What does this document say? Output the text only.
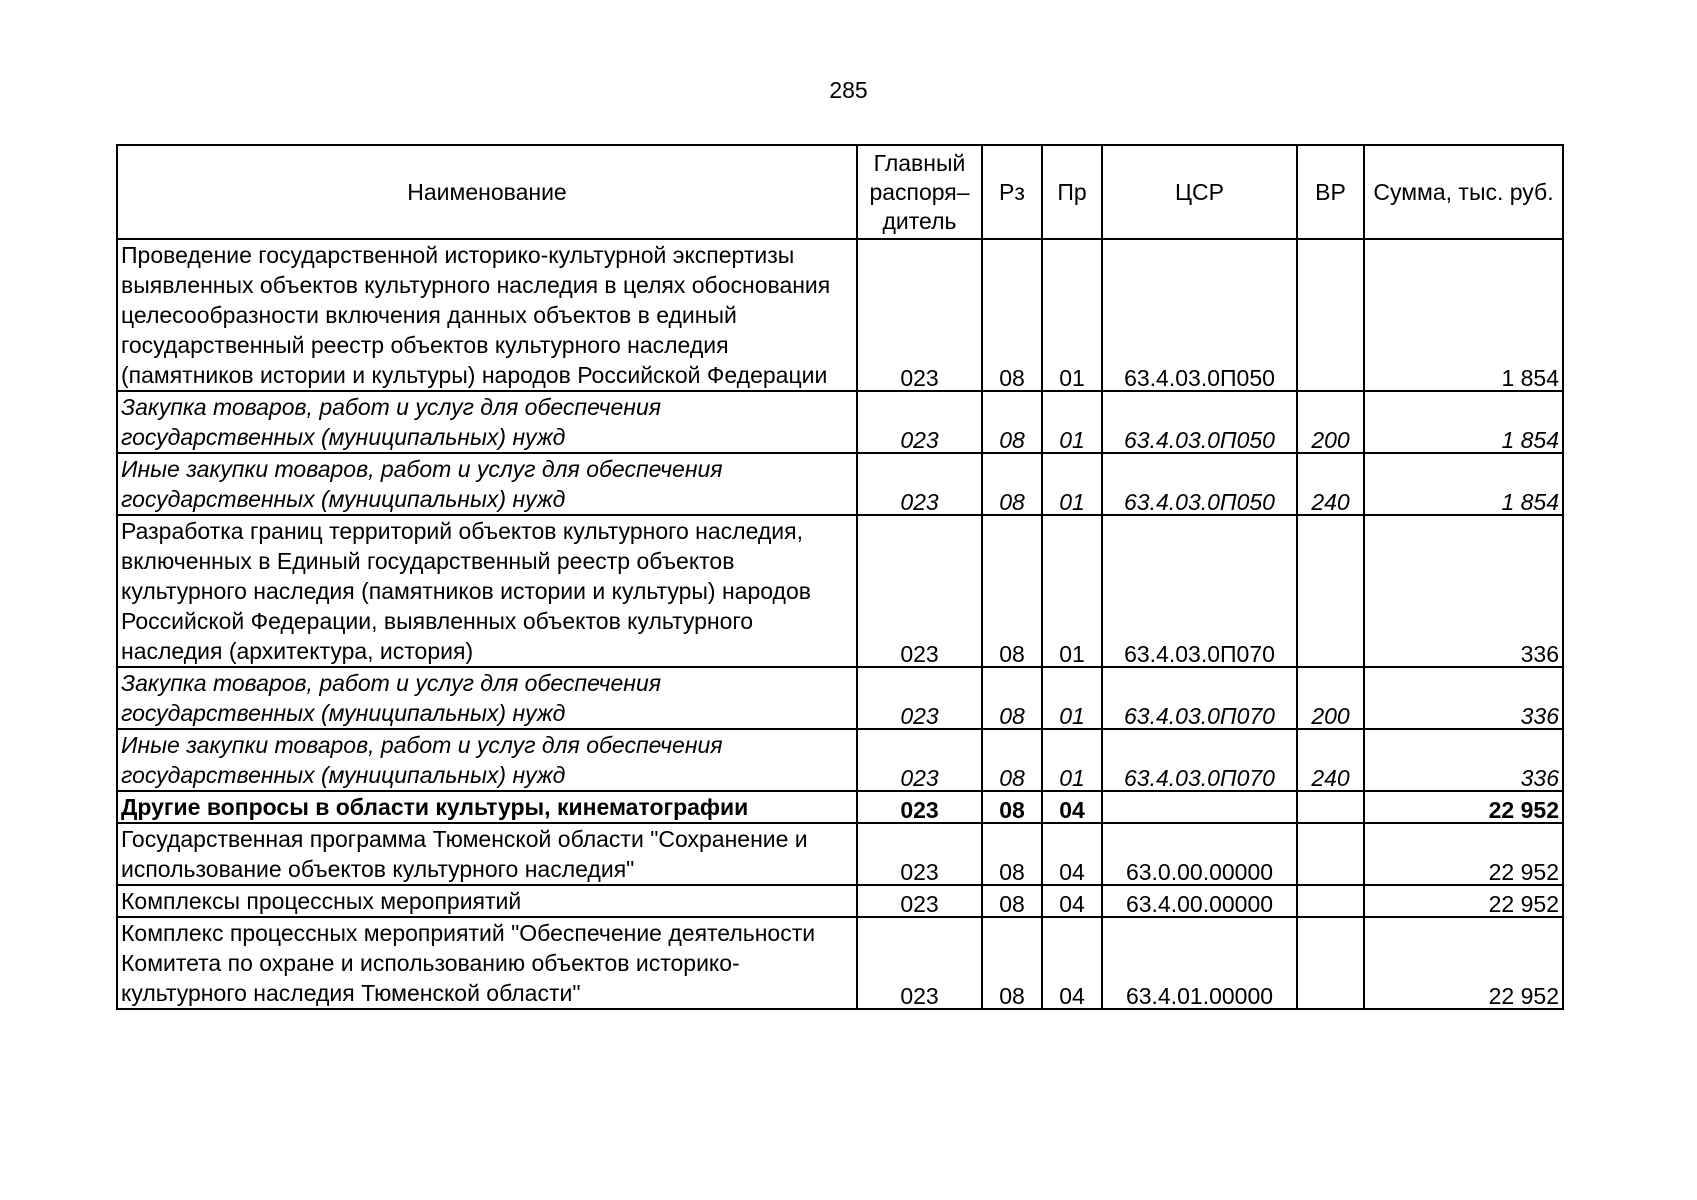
285
Наименование	Главный распоря–дитель	Рз	Пр	ЦСР	ВР	Сумма, тыс. руб.

Проведение государственной историко-культурной экспертизы выявленных объектов культурного наследия в целях обоснования целесообразности включения данных объектов в единый государственный реестр объектов культурного наследия (памятников истории и культуры) народов Российской Федерации	023	08	01	63.4.03.0П050		1 854

Закупка товаров, работ и услуг для обеспечения государственных (муниципальных) нужд	023	08	01	63.4.03.0П050	200	1 854

Иные закупки товаров, работ и услуг для обеспечения государственных (муниципальных) нужд	023	08	01	63.4.03.0П050	240	1 854

Разработка границ территорий объектов культурного наследия, включенных в Единый государственный реестр объектов культурного наследия (памятников истории и культуры) народов Российской Федерации, выявленных объектов культурного наследия (архитектура, история)	023	08	01	63.4.03.0П070		336

Закупка товаров, работ и услуг для обеспечения государственных (муниципальных) нужд	023	08	01	63.4.03.0П070	200	336

Иные закупки товаров, работ и услуг для обеспечения государственных (муниципальных) нужд	023	08	01	63.4.03.0П070	240	336

Другие вопросы в области культуры, кинематографии	023	08	04			22 952

Государственная программа Тюменской области "Сохранение и использование объектов культурного наследия"	023	08	04	63.0.00.00000		22 952

Комплексы процессных мероприятий	023	08	04	63.4.00.00000		22 952

Комплекс процессных мероприятий "Обеспечение деятельности Комитета по охране и использованию объектов историко-культурного наследия Тюменской области"	023	08	04	63.4.01.00000		22 952
